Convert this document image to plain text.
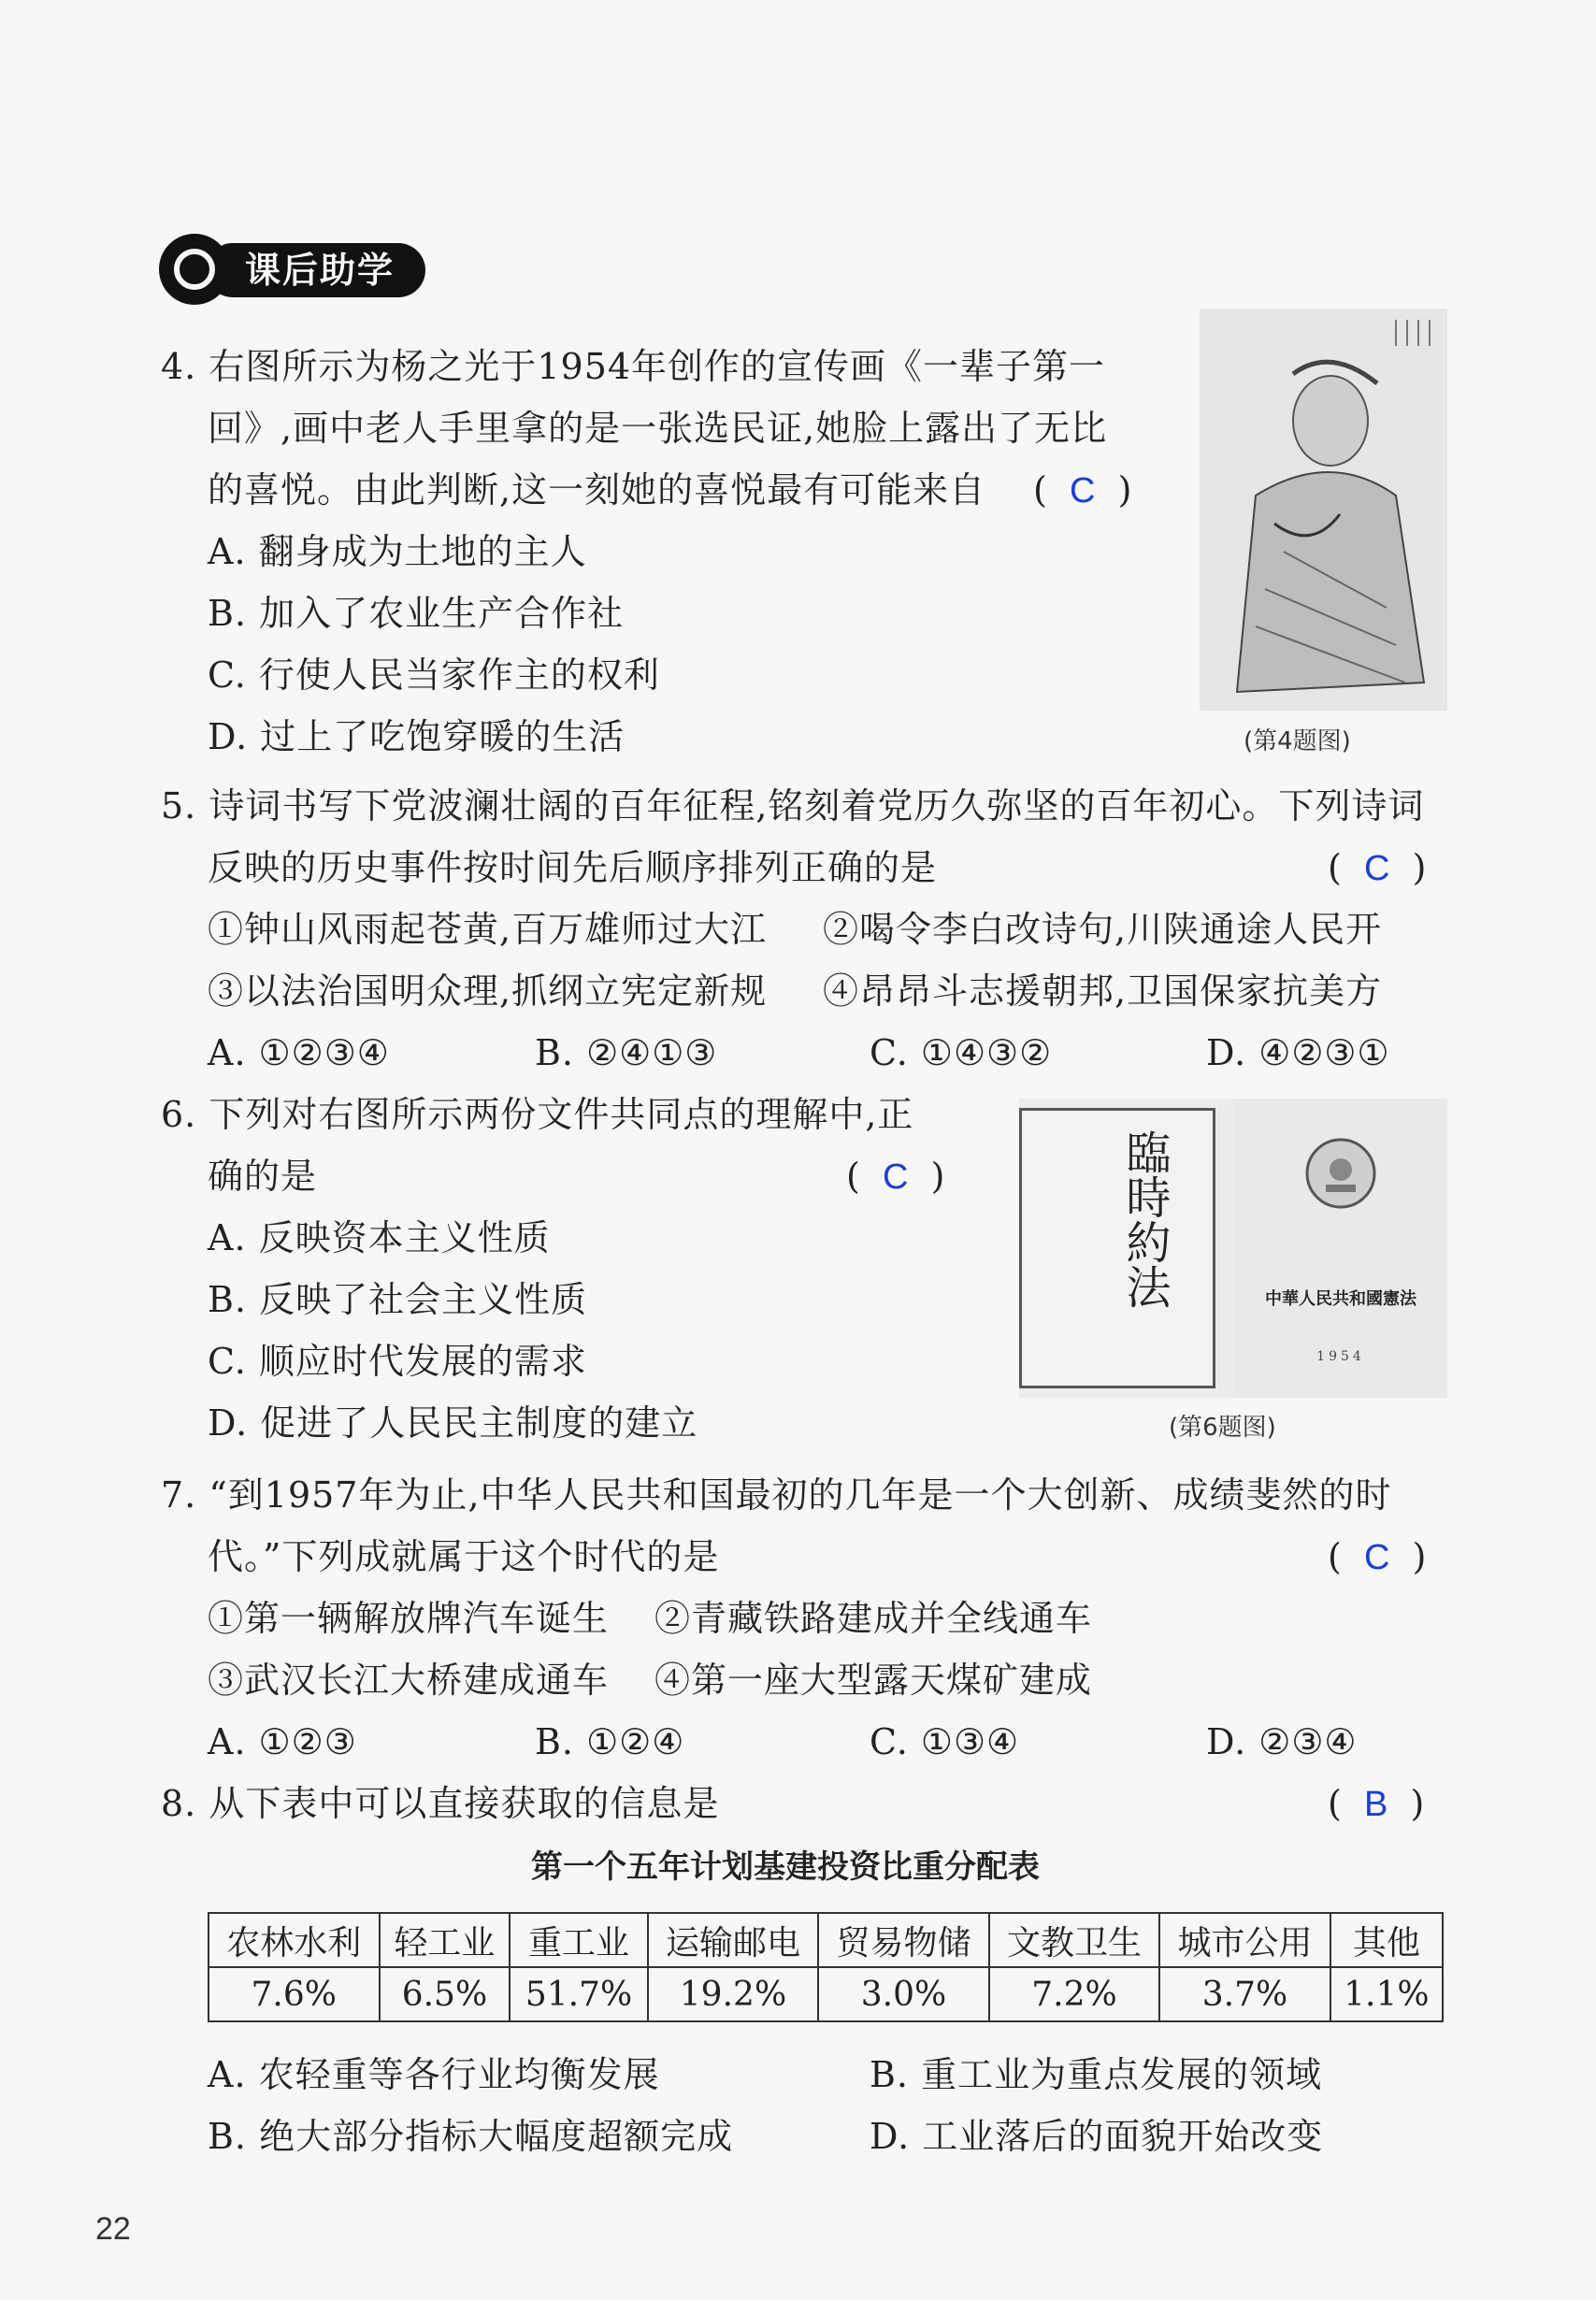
课后助学
4. 右图所示为杨之光于1954年创作的宣传画《一辈子第一
回》,画中老人手里拿的是一张选民证,她脸上露出了无比
的喜悦。由此判断,这一刻她的喜悦最有可能来自 ( C )
A. 翻身成为土地的主人
B. 加入了农业生产合作社
C. 行使人民当家作主的权利
D. 过上了吃饱穿暖的生活	(第4题图)
5. 诗词书写下党波澜壮阔的百年征程,铭刻着党历久弥坚的百年初心。下列诗词
反映的历史事件按时间先后顺序排列正确的是	( C )
①钟山风雨起苍黄,百万雄师过大江 ②喝令李白改诗句,川陕通途人民开
③以法治国明众理,抓纲立宪定新规 ④昂昂斗志援朝邦,卫国保家抗美方
A. ①②③④	B. ②④①③	C. ①④③②	D. ④②③①
6. 下列对右图所示两份文件共同点的理解中,正
确的是	( C )
A. 反映资本主义性质
B. 反映了社会主义性质
C. 顺应时代发展的需求
D. 促进了人民民主制度的建立
臨時約法	中華人民共和國憲法
1954
(第6题图)
7. “到1957年为止,中华人民共和国最初的几年是一个大创新、成绩斐然的时
代。”下列成就属于这个时代的是	( C )
①第一辆解放牌汽车诞生 ②青藏铁路建成并全线通车
③武汉长江大桥建成通车 ④第一座大型露天煤矿建成
A. ①②③	B. ①②④	C. ①③④	D. ②③④
8. 从下表中可以直接获取的信息是	( B )
第一个五年计划基建投资比重分配表
农林水利	轻工业	重工业	运输邮电	贸易物储	文教卫生	城市公用	其他
7.6%	6.5%	51.7%	19.2%	3.0%	7.2%	3.7%	1.1%
A. 农轻重等各行业均衡发展	B. 重工业为重点发展的领域
B. 绝大部分指标大幅度超额完成	D. 工业落后的面貌开始改变
22
